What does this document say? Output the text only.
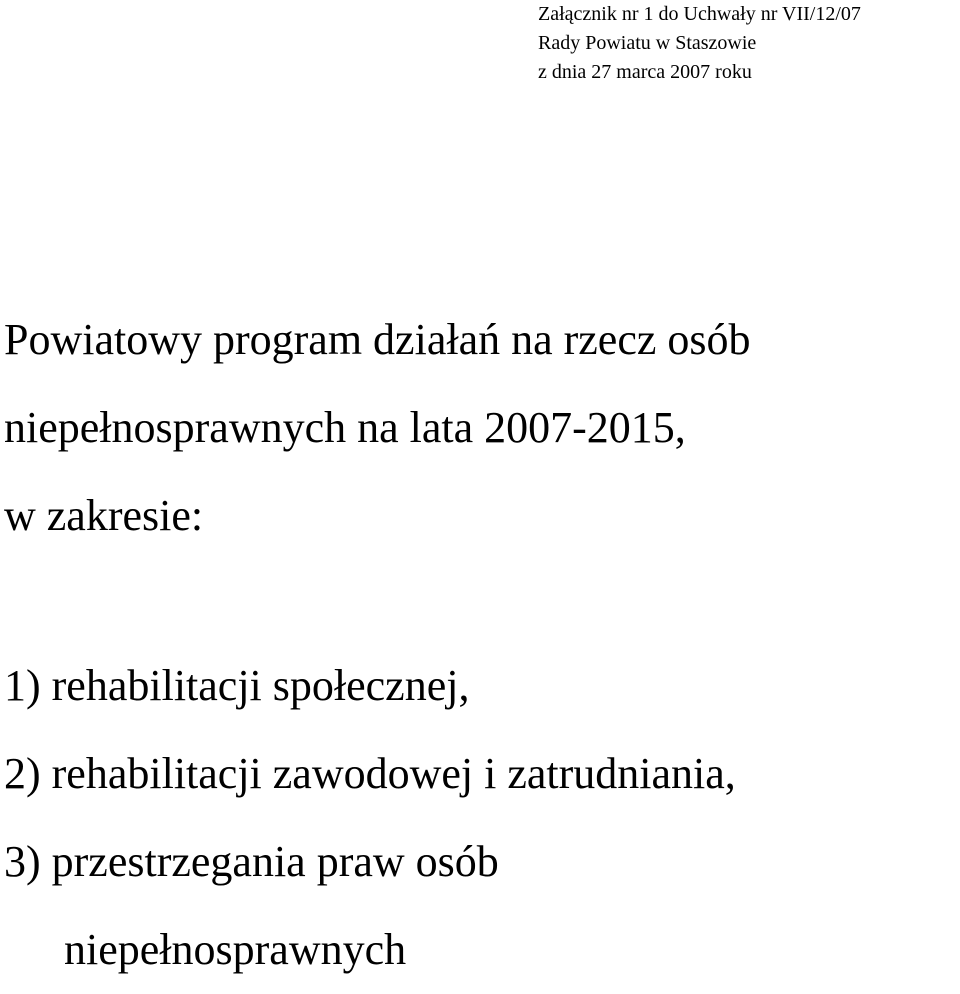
Załącznik nr 1 do Uchwały nr VII/12/07
Rady Powiatu w Staszowie
z dnia 27 marca 2007 roku
Powiatowy program działań na rzecz osób
niepełnosprawnych na lata 2007-2015,
w zakresie:
1) rehabilitacji społecznej,
2) rehabilitacji zawodowej i zatrudniania,
3) przestrzegania praw osób
niepełnosprawnych
